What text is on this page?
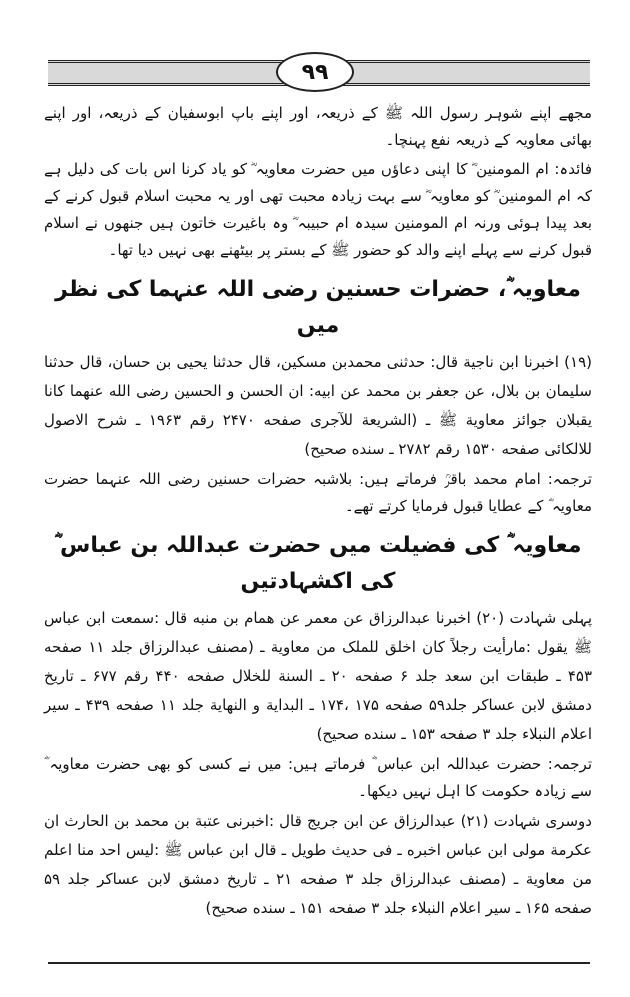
۹۹

مجھے اپنے شوہر رسول اللہ ﷺ کے ذریعہ، اور اپنے باپ ابوسفیان کے ذریعہ، اور اپنے بھائی معاویہ کے ذریعہ نفع پہنچا۔

فائدہ: ام المومنین ؓ کا اپنی دعاؤں میں حضرت معاویہ ؓ کو یاد کرنا اس بات کی دلیل ہے کہ ام المومنین ؓ کو معاویہ ؓ سے بہت زیادہ محبت تھی اور یہ محبت اسلام قبول کرنے کے بعد پیدا ہوئی ورنہ ام المومنین سیدہ ام حبیبہ ؓ وہ باغیرت خاتون ہیں جنھوں نے اسلام قبول کرنے سے پہلے اپنے والد کو حضور ﷺ کے بستر پر بیٹھنے بھی نہیں دیا تھا۔

معاویہ ؓ، حضرات حسنین رضی اللہ عنہما کی نظر میں

(۱۹) اخبرنا ابن ناجیة قال: حدثنی محمدبن مسکین، قال حدثنا یحیی بن حسان، قال حدثنا سلیمان بن بلال، عن جعفر بن محمد عن ابیه: ان الحسن و الحسین رضی الله عنهما کانا یقبلان جوائز معاویة ﷺ ـ (الشریعة للآجری صفحه ۲۴۷۰ رقم ۱۹۶۳ ـ شرح الاصول للالکائی صفحه ۱۵۳۰ رقم ۲۷۸۲ ـ سنده صحیح)

ترجمہ: امام محمد باقرؒ فرماتے ہیں: بلاشبہ حضرات حسنین رضی اللہ عنہما حضرت معاویہ ؓ کے عطایا قبول فرمایا کرتے تھے۔

معاویہ ؓ کی فضیلت میں حضرت عبداللہ بن عباس ؓ کی اکشہادتیں

پہلی شہادت (۲۰) اخبرنا عبدالرزاق عن معمر عن همام بن منبه قال :سمعت ابن عباس ﷺ یقول :مارأیت رجلاً کان اخلق للملک من معاویة ـ (مصنف عبدالرزاق جلد ۱۱ صفحه ۴۵۳ ـ طبقات ابن سعد جلد ۶ صفحه ۲۰ ـ السنة للخلال صفحه ۴۴۰ رقم ۶۷۷ ـ تاریخ دمشق لابن عساکر جلد۵۹ صفحه ۱۷۵ ،۱۷۴ ـ البدایة و النهایة جلد ۱۱ صفحه ۴۳۹ ـ سیر اعلام النبلاء جلد ۳ صفحه ۱۵۳ ـ سنده صحیح)

ترجمہ: حضرت عبداللہ ابن عباس ؓ فرماتے ہیں: میں نے کسی کو بھی حضرت معاویہ ؓ سے زیادہ حکومت کا اہل نہیں دیکھا۔

دوسری شہادت (۲۱) عبدالرزاق عن ابن جریج قال :اخبرنی عتبة بن محمد بن الحارث ان عکرمة مولی ابن عباس اخبره ـ فی حدیث طویل ـ قال ابن عباس ﷺ :لیس احد منا اعلم من معاویة ـ (مصنف عبدالرزاق جلد ۳ صفحه ۲۱ ـ تاریخ دمشق لابن عساکر جلد ۵۹ صفحه ۱۶۵ ـ سیر اعلام النبلاء جلد ۳ صفحه ۱۵۱ ـ سنده صحیح)
